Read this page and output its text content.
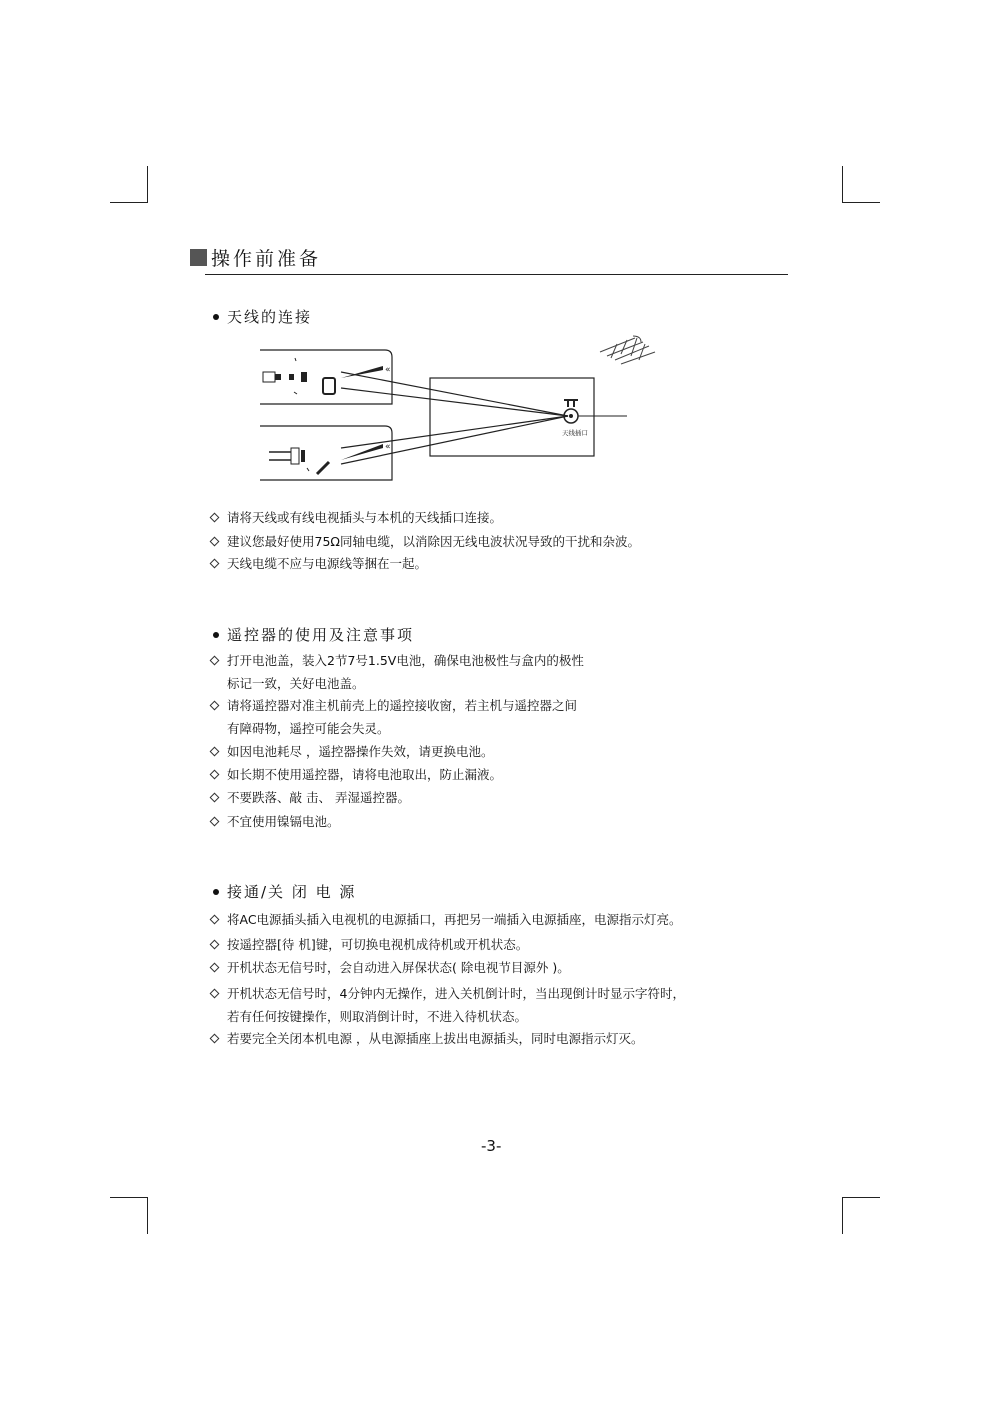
操作前准备
天线的连接
«
«
天线插口
请将天线或有线电视插头与本机的天线插口连接。
建议您最好使用75Ω同轴电缆，以消除因无线电波状况导致的干扰和杂波。
天线电缆不应与电源线等捆在一起。
遥控器的使用及注意事项
打开电池盖，装入2节7号1.5V电池，确保电池极性与盒内的极性
标记一致，关好电池盖。
请将遥控器对准主机前壳上的遥控接收窗，若主机与遥控器之间
有障碍物，遥控可能会失灵。
如因电池耗尽 ，遥控器操作失效，请更换电池。
如长期不使用遥控器，请将电池取出，防止漏液。
不要跌落、敲 击、 弄湿遥控器。
不宜使用镍镉电池。
接通/关 闭 电 源
将AC电源插头插入电视机的电源插口，再把另一端插入电源插座，电源指示灯亮。
按遥控器[待 机]键，可切换电视机成待机或开机状态。
开机状态无信号时，会自动进入屏保状态( 除电视节目源外 )。
开机状态无信号时，4分钟内无操作，进入关机倒计时，当出现倒计时显示字符时，
若有任何按键操作，则取消倒计时，不进入待机状态。
若要完全关闭本机电源 ，从电源插座上拔出电源插头，同时电源指示灯灭。
-3-
